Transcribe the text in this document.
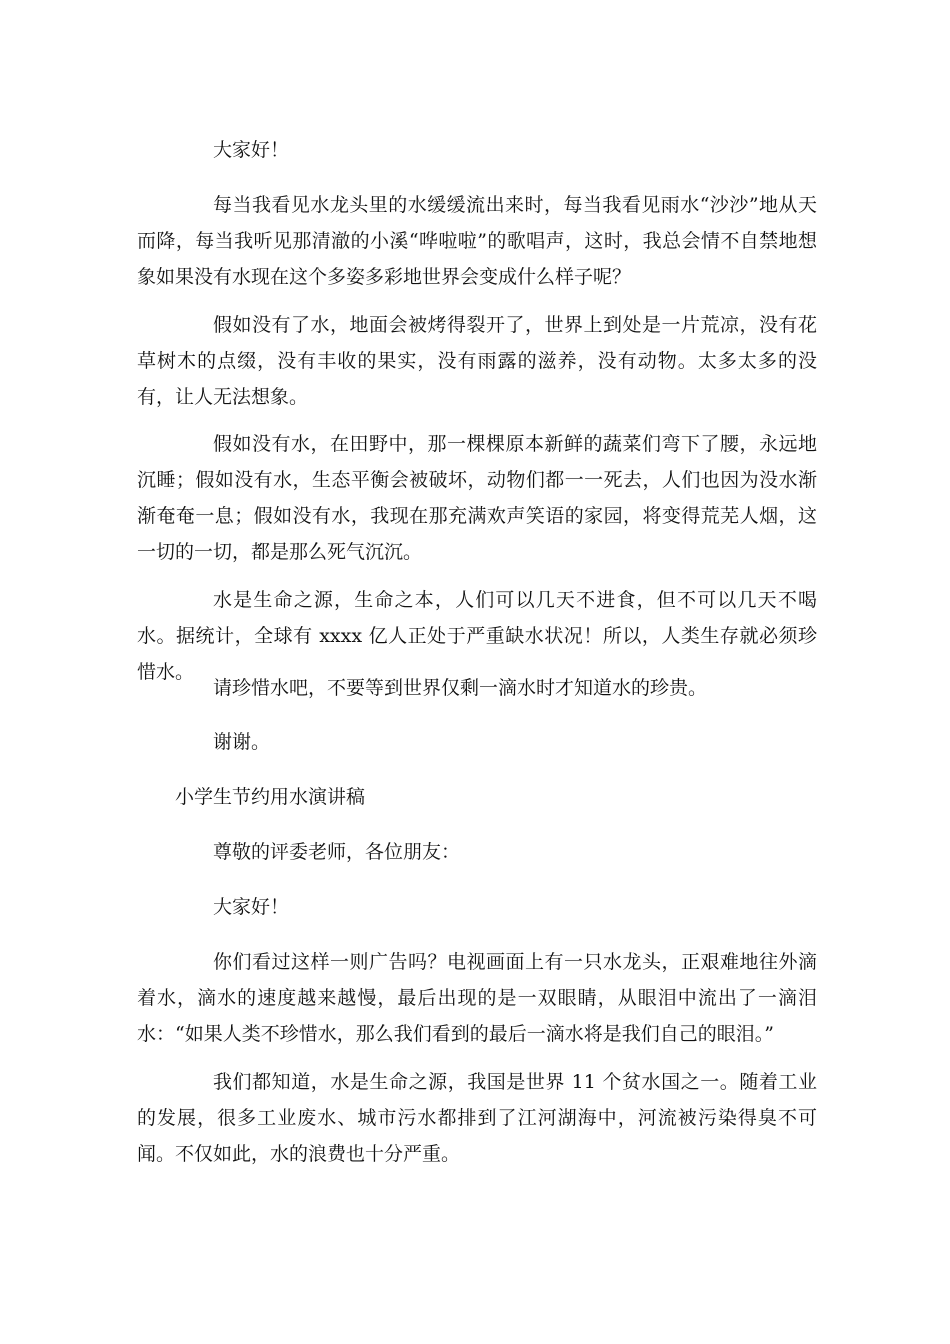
大家好！

每当我看见水龙头里的水缓缓流出来时，每当我看见雨水“沙沙”地从天而降，每当我听见那清澈的小溪“哗啦啦”的歌唱声，这时，我总会情不自禁地想象如果没有水现在这个多姿多彩地世界会变成什么样子呢？

假如没有了水，地面会被烤得裂开了，世界上到处是一片荒凉，没有花草树木的点缀，没有丰收的果实，没有雨露的滋养，没有动物。太多太多的没有，让人无法想象。

假如没有水，在田野中，那一棵棵原本新鲜的蔬菜们弯下了腰，永远地沉睡；假如没有水，生态平衡会被破坏，动物们都一一死去，人们也因为没水渐渐奄奄一息；假如没有水，我现在那充满欢声笑语的家园，将变得荒芜人烟，这一切的一切，都是那么死气沉沉。

水是生命之源，生命之本，人们可以几天不进食，但不可以几天不喝水。据统计，全球有 xxxx 亿人正处于严重缺水状况！所以，人类生存就必须珍惜水。

请珍惜水吧，不要等到世界仅剩一滴水时才知道水的珍贵。

谢谢。

小学生节约用水演讲稿

尊敬的评委老师，各位朋友：

大家好！

你们看过这样一则广告吗？电视画面上有一只水龙头，正艰难地往外滴着水，滴水的速度越来越慢，最后出现的是一双眼睛，从眼泪中流出了一滴泪水：“如果人类不珍惜水，那么我们看到的最后一滴水将是我们自己的眼泪。”

我们都知道，水是生命之源，我国是世界 11 个贫水国之一。随着工业的发展，很多工业废水、城市污水都排到了江河湖海中，河流被污染得臭不可闻。不仅如此，水的浪费也十分严重。
